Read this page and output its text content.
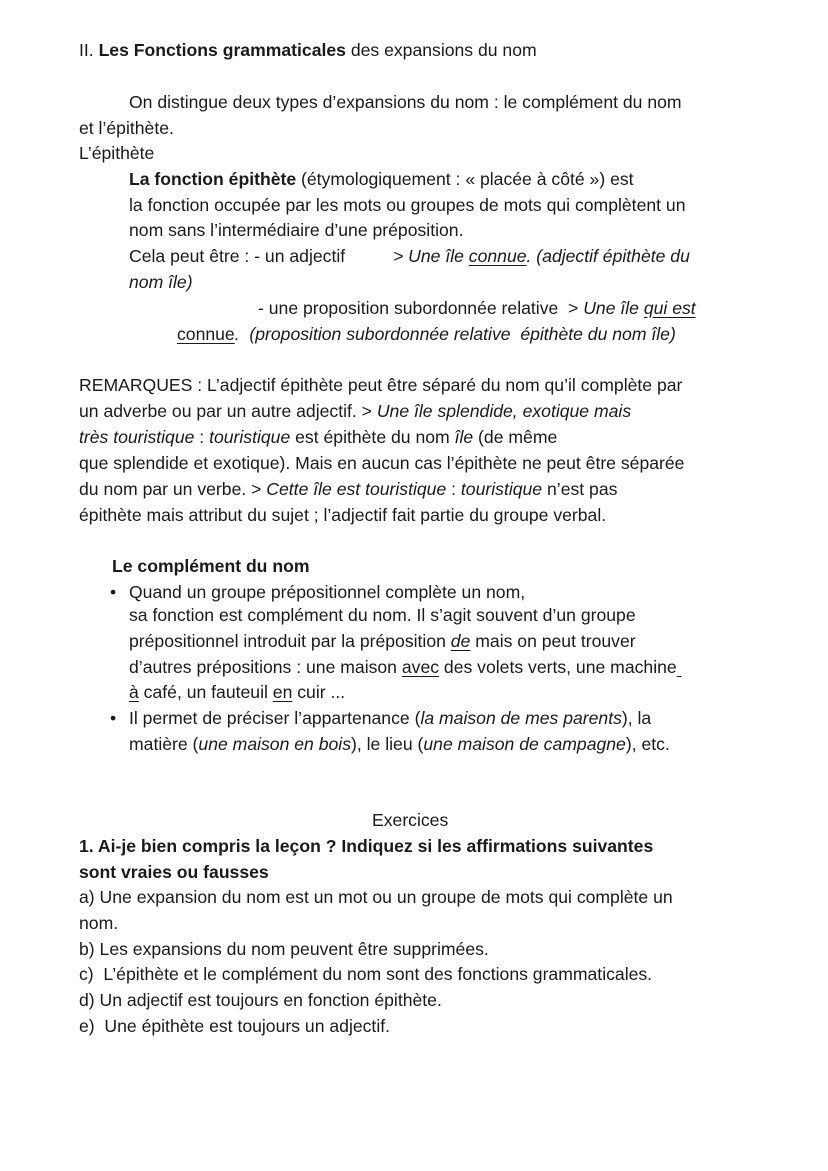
II. Les Fonctions grammaticales des expansions du nom
On distingue deux types d’expansions du nom : le complément du nom
et l’épithète.
L’épithète
La fonction épithète (étymologiquement : « placée à côté ») est
la fonction occupée par les mots ou groupes de mots qui complètent un
nom sans l’intermédiaire d’une préposition.
Cela peut être : - un adjectif	> Une île connue. (adjectif épithète du
nom île)
- une proposition subordonnée relative  > Une île qui est
connue.  (proposition subordonnée relative  épithète du nom île)
REMARQUES : L’adjectif épithète peut être séparé du nom qu’il complète par
un adverbe ou par un autre adjectif. > Une île splendide, exotique mais
très touristique : touristique est épithète du nom île (de même
que splendide et exotique). Mais en aucun cas l’épithète ne peut être séparée
du nom par un verbe. > Cette île est touristique : touristique n’est pas
épithète mais attribut du sujet ; l’adjectif fait partie du groupe verbal.
Le complément du nom
• Quand un groupe prépositionnel complète un nom,
sa fonction est complément du nom. Il s’agit souvent d’un groupe
prépositionnel introduit par la préposition de mais on peut trouver
d’autres prépositions : une maison avec des volets verts, une machine
à café, un fauteuil en cuir ...
• Il permet de préciser l’appartenance (la maison de mes parents), la
matière (une maison en bois), le lieu (une maison de campagne), etc.
Exercices
1. Ai-je bien compris la leçon ? Indiquez si les affirmations suivantes
sont vraies ou fausses
a) Une expansion du nom est un mot ou un groupe de mots qui complète un
nom.
b) Les expansions du nom peuvent être supprimées.
c)  L’épithète et le complément du nom sont des fonctions grammaticales.
d) Un adjectif est toujours en fonction épithète.
e)  Une épithète est toujours un adjectif.
